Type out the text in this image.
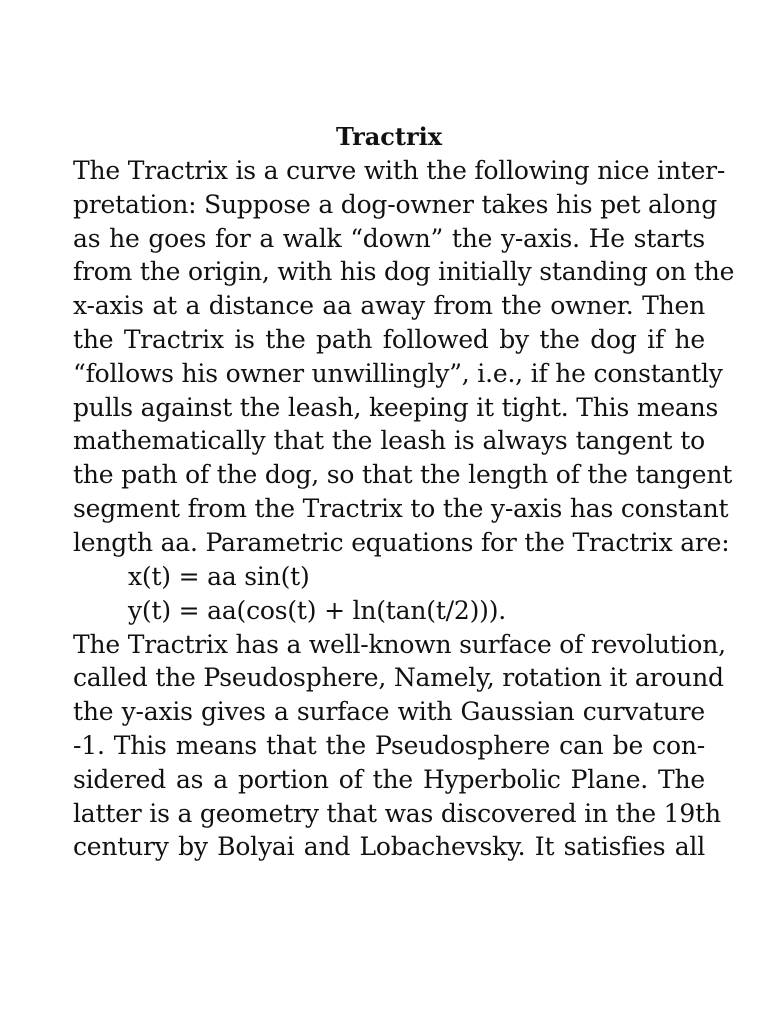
Tractrix
The Tractrix is a curve with the following nice inter-
pretation: Suppose a dog-owner takes his pet along
as he goes for a walk “down” the y-axis. He starts
from the origin, with his dog initially standing on the
x-axis at a distance aa away from the owner. Then
the Tractrix is the path followed by the dog if he
“follows his owner unwillingly”, i.e., if he constantly
pulls against the leash, keeping it tight. This means
mathematically that the leash is always tangent to
the path of the dog, so that the length of the tangent
segment from the Tractrix to the y-axis has constant
length aa. Parametric equations for the Tractrix are:
x(t) = aa sin(t)
y(t) = aa(cos(t) + ln(tan(t/2))).
The Tractrix has a well-known surface of revolution,
called the Pseudosphere, Namely, rotation it around
the y-axis gives a surface with Gaussian curvature
-1. This means that the Pseudosphere can be con-
sidered as a portion of the Hyperbolic Plane. The
latter is a geometry that was discovered in the 19th
century by Bolyai and Lobachevsky. It satisfies all
